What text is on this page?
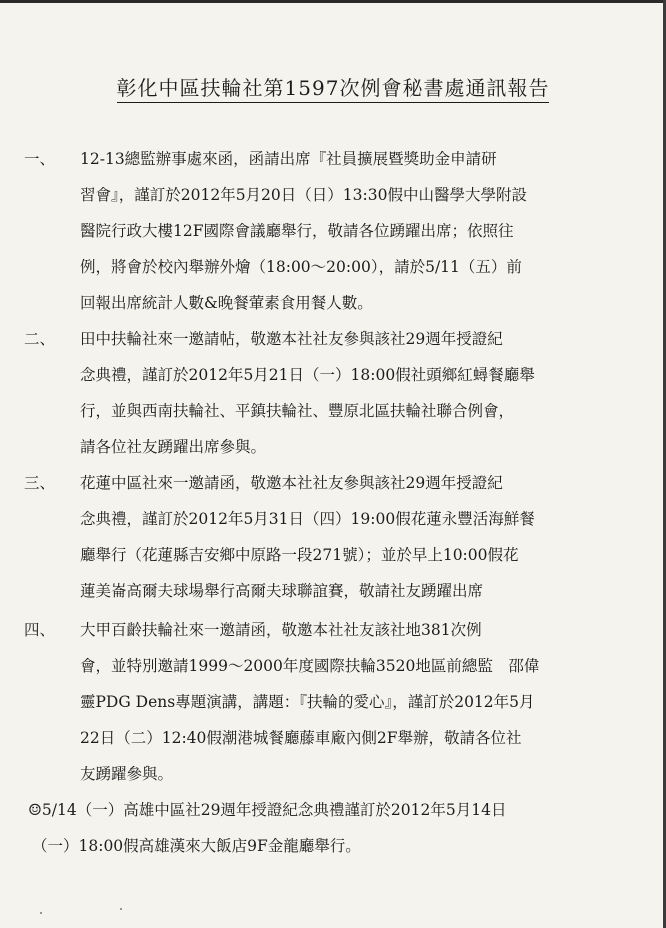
彰化中區扶輪社第1597次例會秘書處通訊報告
一、 12-13總監辦事處來函，函請出席『社員擴展暨獎助金申請研
習會』，謹訂於2012年5月20日（日）13:30假中山醫學大學附設
醫院行政大樓12F國際會議廳舉行，敬請各位踴躍出席；依照往
例，將會於校內舉辦外燴（18:00～20:00），請於5/11（五）前
回報出席統計人數&晚餐葷素食用餐人數。
二、 田中扶輪社來一邀請帖，敬邀本社社友參與該社29週年授證紀
念典禮，謹訂於2012年5月21日（一）18:00假社頭鄉紅蟳餐廳舉
行，並與西南扶輪社、平鎮扶輪社、豐原北區扶輪社聯合例會，
請各位社友踴躍出席參與。
三、 花蓮中區社來一邀請函，敬邀本社社友參與該社29週年授證紀
念典禮，謹訂於2012年5月31日（四）19:00假花蓮永豐活海鮮餐
廳舉行（花蓮縣吉安鄉中原路一段271號）；並於早上10:00假花
蓮美崙高爾夫球場舉行高爾夫球聯誼賽，敬請社友踴躍出席
四、 大甲百齡扶輪社來一邀請函，敬邀本社社友該社地381次例
會，並特別邀請1999～2000年度國際扶輪3520地區前總監　邵偉
靈PDG Dens專題演講，講題：『扶輪的愛心』，謹訂於2012年5月
22日（二）12:40假潮港城餐廳藤車廠內側2F舉辦，敬請各位社
友踴躍參與。
☺5/14（一）高雄中區社29週年授證紀念典禮謹訂於2012年5月14日
（一）18:00假高雄漢來大飯店9F金龍廳舉行。
